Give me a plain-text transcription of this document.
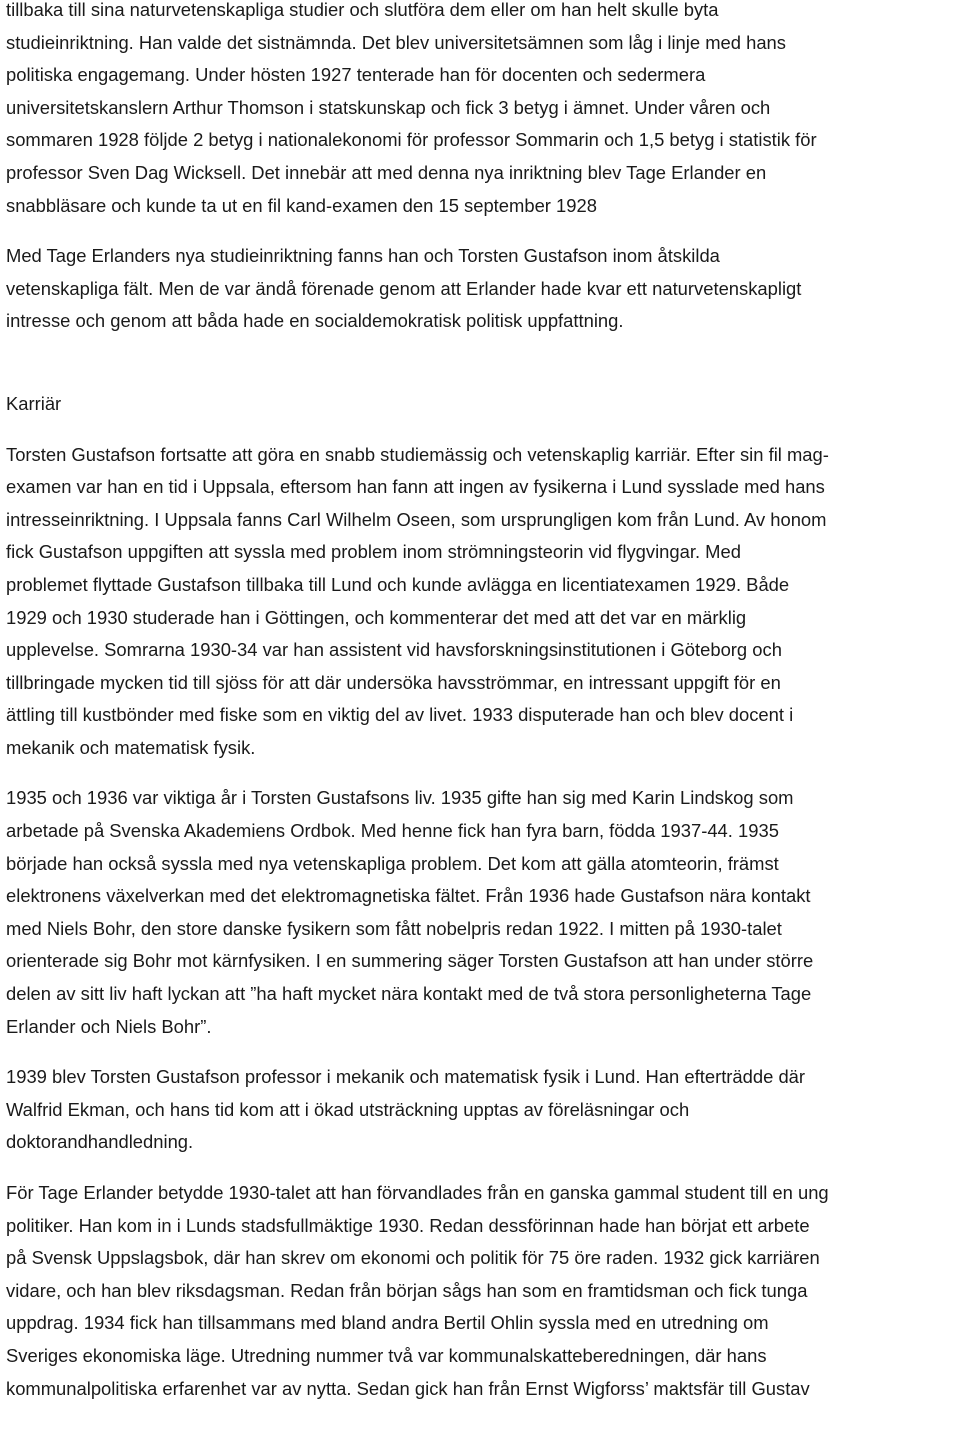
tillbaka till sina naturvetenskapliga studier och slutföra dem eller om han helt skulle byta
studieinriktning. Han valde det sistnämnda. Det blev universitetsämnen som låg i linje med hans
politiska engagemang. Under hösten 1927 tenterade han för docenten och sedermera
universitetskanslern Arthur Thomson i statskunskap och fick 3 betyg i ämnet. Under våren och
sommaren 1928 följde 2 betyg i nationalekonomi för professor Sommarin och 1,5 betyg i statistik för
professor Sven Dag Wicksell. Det innebär att med denna nya inriktning blev Tage Erlander en
snabbläsare och kunde ta ut en fil kand-examen den 15 september 1928
Med Tage Erlanders nya studieinriktning fanns han och Torsten Gustafson inom åtskilda
vetenskapliga fält. Men de var ändå förenade genom att Erlander hade kvar ett naturvetenskapligt
intresse och genom att båda hade en socialdemokratisk politisk uppfattning.
Karriär
Torsten Gustafson fortsatte att göra en snabb studiemässig och vetenskaplig karriär. Efter sin fil mag-
examen var han en tid i Uppsala, eftersom han fann att ingen av fysikerna i Lund sysslade med hans
intresseinriktning. I Uppsala fanns Carl Wilhelm Oseen, som ursprungligen kom från Lund. Av honom
fick Gustafson uppgiften att syssla med problem inom strömningsteorin vid flygvingar. Med
problemet flyttade Gustafson tillbaka till Lund och kunde avlägga en licentiatexamen 1929. Både
1929 och 1930 studerade han i Göttingen, och kommenterar det med att det var en märklig
upplevelse. Somrarna 1930-34 var han assistent vid havsforskningsinstitutionen i Göteborg och
tillbringade mycken tid till sjöss för att där undersöka havsströmmar, en intressant uppgift för en
ättling till kustbönder med fiske som en viktig del av livet. 1933 disputerade han och blev docent i
mekanik och matematisk fysik.
1935 och 1936 var viktiga år i Torsten Gustafsons liv. 1935 gifte han sig med Karin Lindskog som
arbetade på Svenska Akademiens Ordbok. Med henne fick han fyra barn, födda 1937-44. 1935
började han också syssla med nya vetenskapliga problem. Det kom att gälla atomteorin, främst
elektronens växelverkan med det elektromagnetiska fältet. Från 1936 hade Gustafson nära kontakt
med Niels Bohr, den store danske fysikern som fått nobelpris redan 1922. I mitten på 1930-talet
orienterade sig Bohr mot kärnfysiken. I en summering säger Torsten Gustafson att han under större
delen av sitt liv haft lyckan att ”ha haft mycket nära kontakt med de två stora personligheterna Tage
Erlander och Niels Bohr”.
1939 blev Torsten Gustafson professor i mekanik och matematisk fysik i Lund. Han efterträdde där
Walfrid Ekman, och hans tid kom att i ökad utsträckning upptas av föreläsningar och
doktorandhandledning.
För Tage Erlander betydde 1930-talet att han förvandlades från en ganska gammal student till en ung
politiker. Han kom in i Lunds stadsfullmäktige 1930. Redan dessförinnan hade han börjat ett arbete
på Svensk Uppslagsbok, där han skrev om ekonomi och politik för 75 öre raden. 1932 gick karriären
vidare, och han blev riksdagsman. Redan från början sågs han som en framtidsman och fick tunga
uppdrag. 1934 fick han tillsammans med bland andra Bertil Ohlin syssla med en utredning om
Sveriges ekonomiska läge. Utredning nummer två var kommunalskatteberedningen, där hans
kommunalpolitiska erfarenhet var av nytta. Sedan gick han från Ernst Wigforss’ maktsfär till Gustav
